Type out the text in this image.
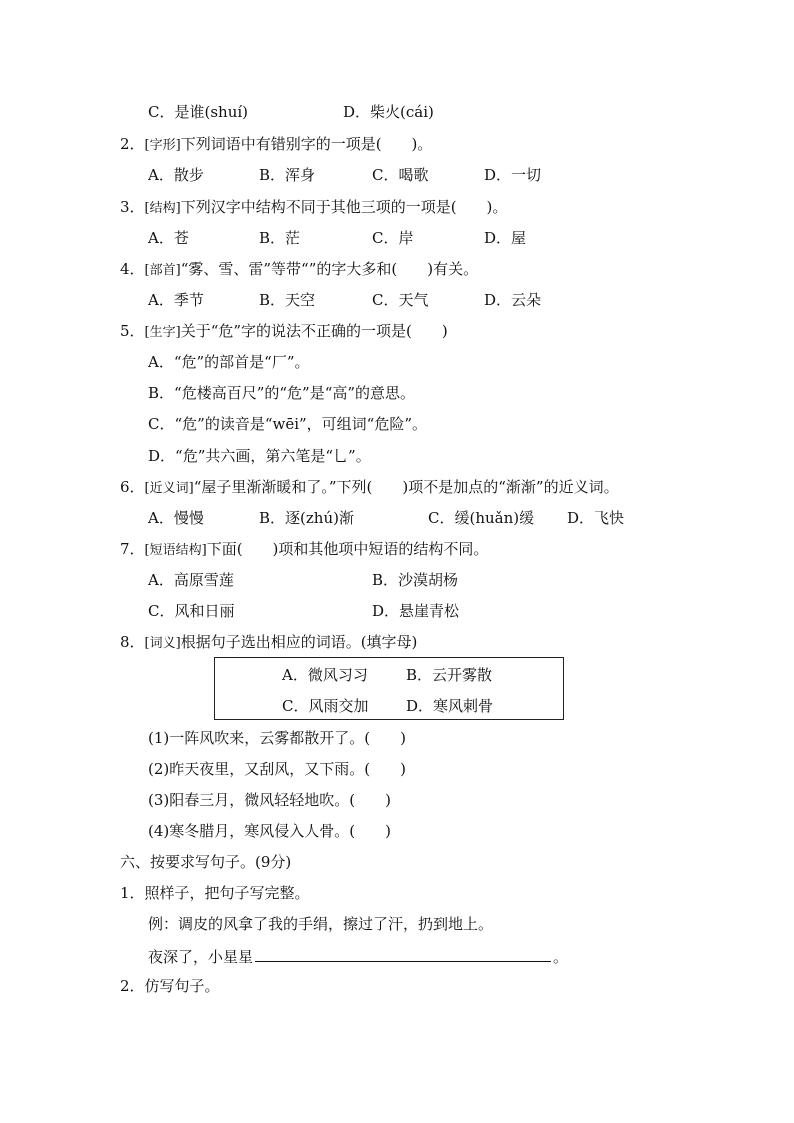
C．是谁(shuí)	D．柴火(cái)
2．[字形]下列词语中有错别字的一项是(　　)。
A．散步	B．浑身	C．喝歌	D．一切
3．[结构]下列汉字中结构不同于其他三项的一项是(　　)。
A．苍	B．茫	C．岸	D．屋
4．[部首]“雾、雪、雷”等带“”的字大多和(　　)有关。
A．季节	B．天空	C．天气	D．云朵
5．[生字]关于“危”字的说法不正确的一项是(　　)
A．“危”的部首是“厂”。
B．“危楼高百尺”的“危”是“高”的意思。
C．“危”的读音是“wēi”，可组词“危险”。
D．“危”共六画，第六笔是“乚”。
6．[近义词]“屋子里渐渐暖和了。”下列(　　)项不是加点的“渐渐”的近义词。
A．慢慢	B．逐(zhú)渐	C．缓(huǎn)缓 D．飞快
7．[短语结构]下面(　　)项和其他项中短语的结构不同。
A．高原雪莲	B．沙漠胡杨
C．风和日丽	D．悬崖青松
8．[词义]根据句子选出相应的词语。(填字母)
A．微风习习	B．云开雾散
C．风雨交加	D．寒风刺骨
(1)一阵风吹来，云雾都散开了。(　　)
(2)昨天夜里，又刮风，又下雨。(　　)
(3)阳春三月，微风轻轻地吹。(　　)
(4)寒冬腊月，寒风侵入人骨。(　　)
六、按要求写句子。(9分)
1．照样子，把句子写完整。
例：调皮的风拿了我的手绢，擦过了汗，扔到地上。
夜深了，小星星	。
2．仿写句子。
